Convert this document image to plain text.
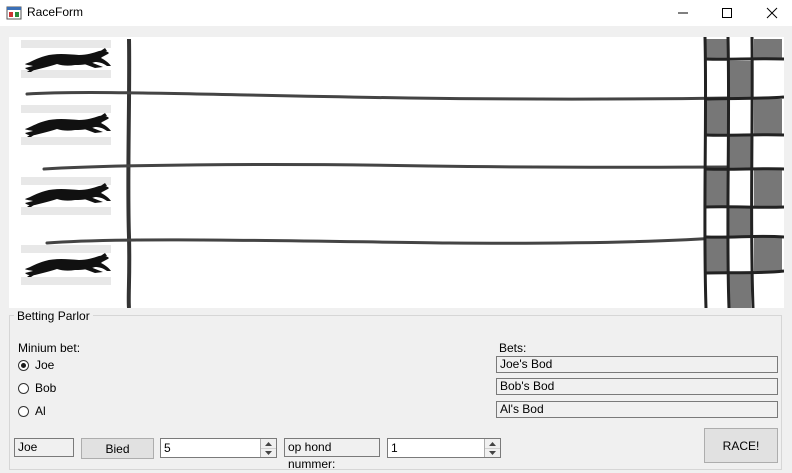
RaceForm
Betting Parlor
Minium bet:
Joe
Bob
Al
Bets:
Joe's Bod
Bob's Bod
Al's Bod
Joe	Bied	5	op hond nummer:
1	RACE!
